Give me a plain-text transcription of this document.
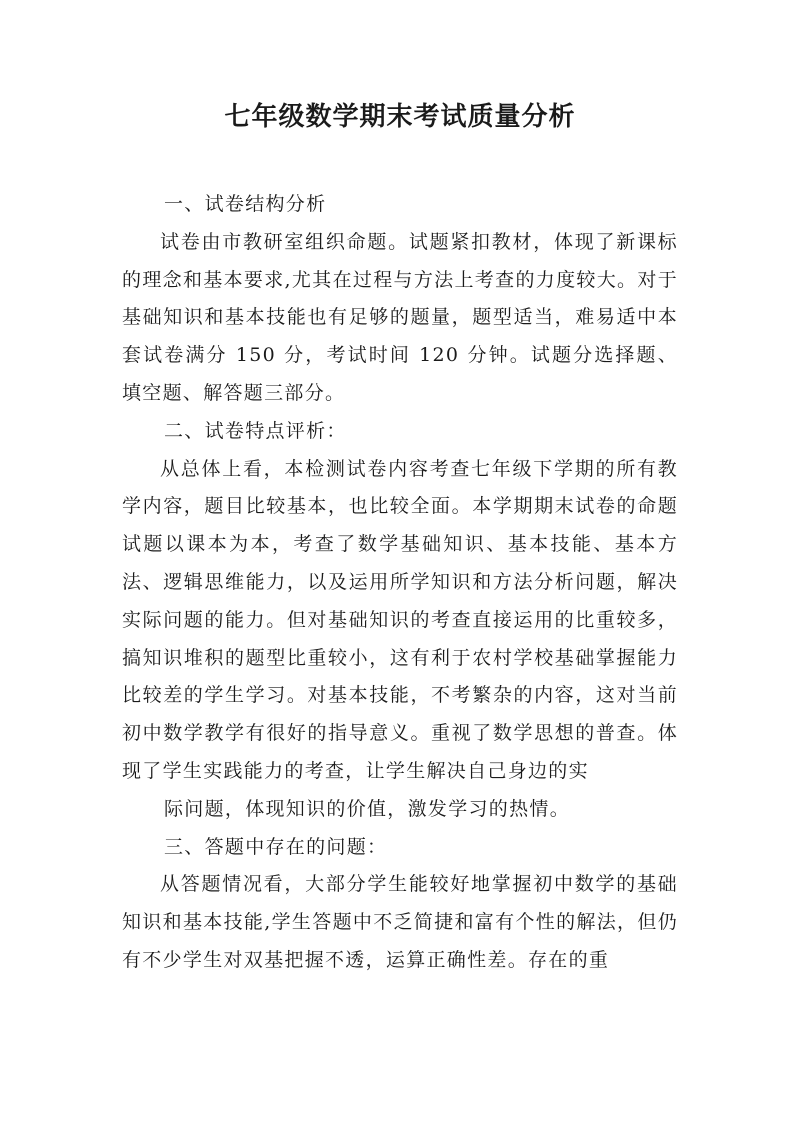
七年级数学期末考试质量分析

一、试卷结构分析

试卷由市教研室组织命题。试题紧扣教材，体现了新课标的理念和基本要求,尤其在过程与方法上考查的力度较大。对于基础知识和基本技能也有足够的题量，题型适当，难易适中本套试卷满分 150 分，考试时间 120 分钟。试题分选择题、填空题、解答题三部分。

二、试卷特点评析：

从总体上看，本检测试卷内容考查七年级下学期的所有教学内容，题目比较基本，也比较全面。本学期期末试卷的命题试题以课本为本，考查了数学基础知识、基本技能、基本方法、逻辑思维能力，以及运用所学知识和方法分析问题，解决实际问题的能力。但对基础知识的考查直接运用的比重较多，搞知识堆积的题型比重较小，这有利于农村学校基础掌握能力比较差的学生学习。对基本技能，不考繁杂的内容，这对当前初中数学教学有很好的指导意义。重视了数学思想的普查。体现了学生实践能力的考查，让学生解决自己身边的实

际问题，体现知识的价值，激发学习的热情。

三、答题中存在的问题：

从答题情况看，大部分学生能较好地掌握初中数学的基础知识和基本技能,学生答题中不乏简捷和富有个性的解法，但仍有不少学生对双基把握不透，运算正确性差。存在的重
